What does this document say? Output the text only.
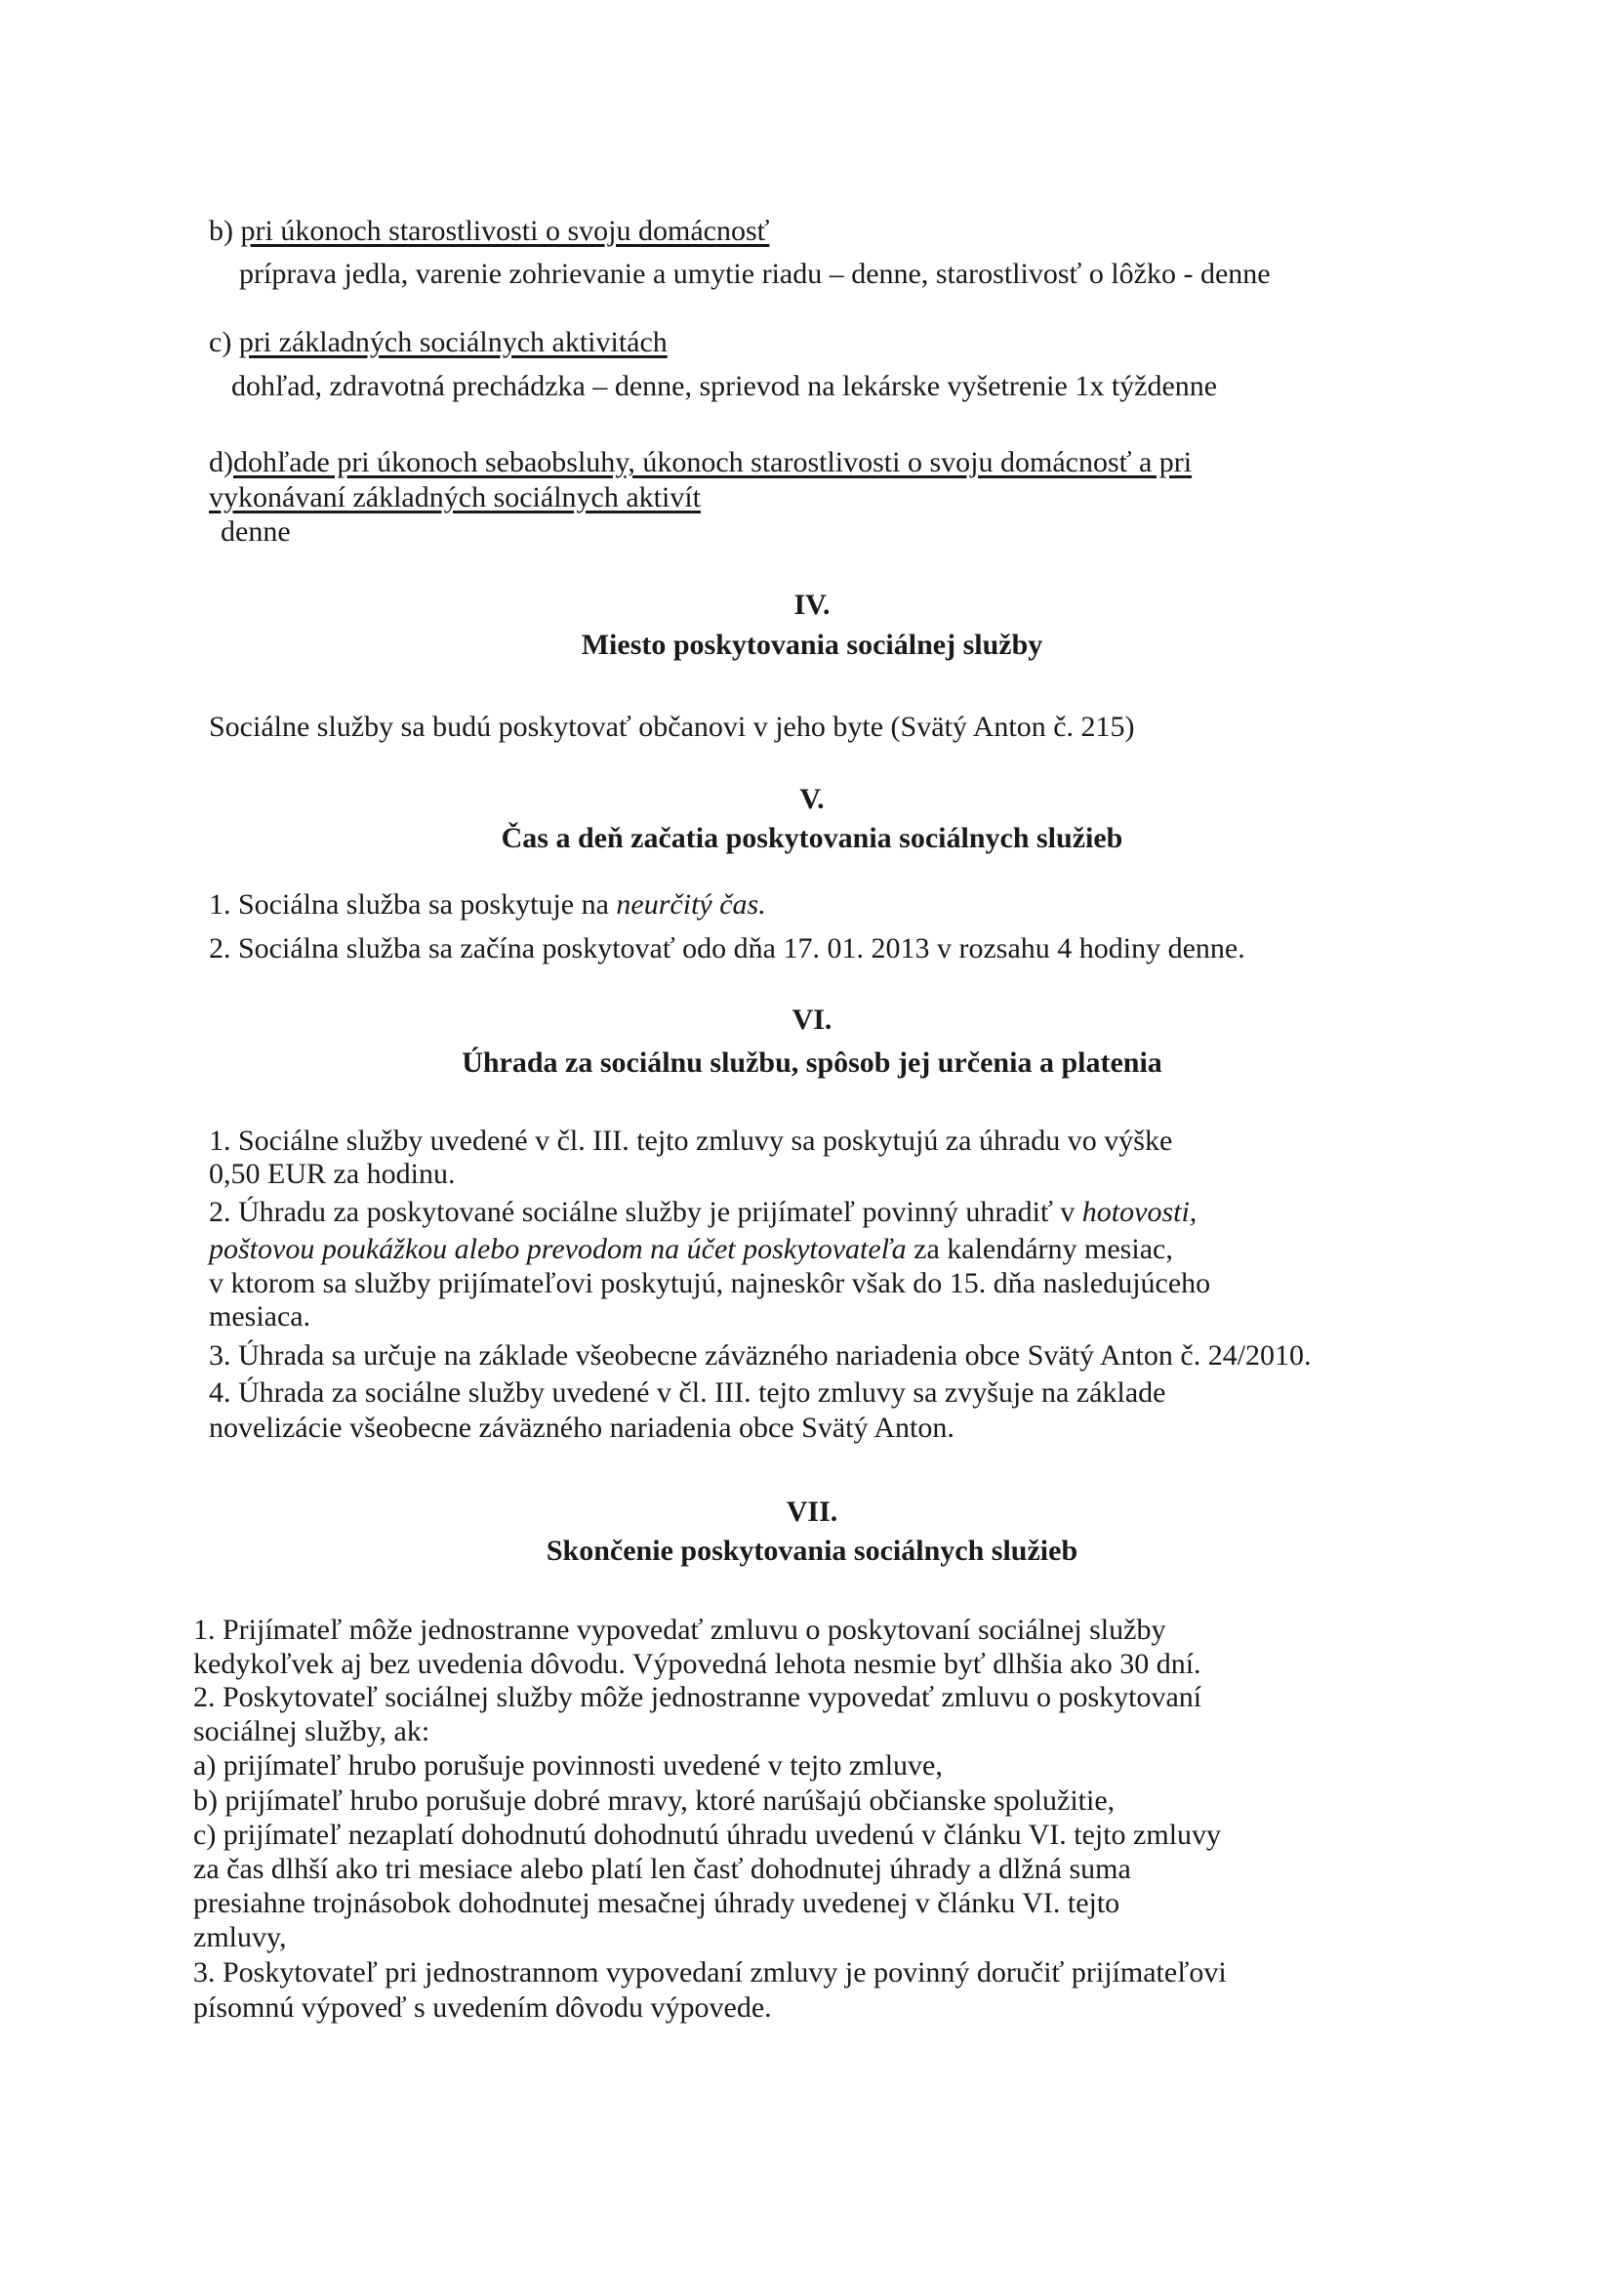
b) pri úkonoch starostlivosti o svoju domácnosť
príprava jedla, varenie zohrievanie a umytie riadu – denne, starostlivosť o lôžko - denne
c) pri základných sociálnych aktivitách
dohľad, zdravotná prechádzka – denne, sprievod na lekárske vyšetrenie 1x týždenne
d)dohľade pri úkonoch sebaobsluhy, úkonoch starostlivosti o svoju domácnosť a pri
vykonávaní základných sociálnych aktivít
denne
IV.
Miesto poskytovania sociálnej služby
Sociálne služby sa budú poskytovať občanovi v jeho byte (Svätý Anton č. 215)
V.
Čas a deň začatia poskytovania sociálnych služieb
1. Sociálna služba sa poskytuje na neurčitý čas.
2. Sociálna služba sa začína poskytovať odo dňa 17. 01. 2013 v rozsahu 4 hodiny denne.
VI.
Úhrada za sociálnu službu, spôsob jej určenia a platenia
1. Sociálne služby uvedené v čl. III. tejto zmluvy sa poskytujú za úhradu vo výške
0,50 EUR za hodinu.
2. Úhradu za poskytované sociálne služby je prijímateľ povinný uhradiť v hotovosti,
poštovou poukážkou alebo prevodom na účet poskytovateľa za kalendárny mesiac,
v ktorom sa služby prijímateľovi poskytujú, najneskôr však do 15. dňa nasledujúceho
mesiaca.
3. Úhrada sa určuje na základe všeobecne záväzného nariadenia obce Svätý Anton č. 24/2010.
4. Úhrada za sociálne služby uvedené v čl. III. tejto zmluvy sa zvyšuje na základe
novelizácie všeobecne záväzného nariadenia obce Svätý Anton.
VII.
Skončenie poskytovania sociálnych služieb
1. Prijímateľ môže jednostranne vypovedať zmluvu o poskytovaní sociálnej služby
kedykoľvek aj bez uvedenia dôvodu. Výpovedná lehota nesmie byť dlhšia ako 30 dní.
2. Poskytovateľ sociálnej služby môže jednostranne vypovedať zmluvu o poskytovaní
sociálnej služby, ak:
a) prijímateľ hrubo porušuje povinnosti uvedené v tejto zmluve,
b) prijímateľ hrubo porušuje dobré mravy, ktoré narúšajú občianske spolužitie,
c) prijímateľ nezaplatí dohodnutú dohodnutú úhradu uvedenú v článku VI. tejto zmluvy
za čas dlhší ako tri mesiace alebo platí len časť dohodnutej úhrady a dlžná suma
presiahne trojnásobok dohodnutej mesačnej úhrady uvedenej v článku VI. tejto
zmluvy,
3. Poskytovateľ pri jednostrannom vypovedaní zmluvy je povinný doručiť prijímateľovi
písomnú výpoveď s uvedením dôvodu výpovede.
